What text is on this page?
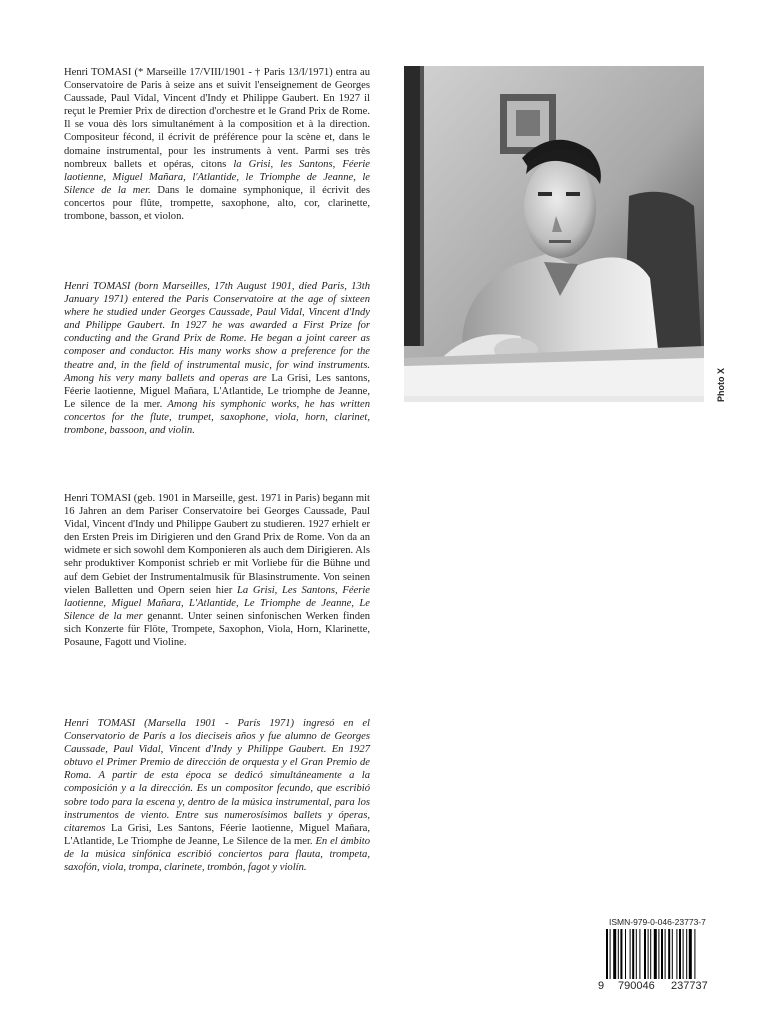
Henri TOMASI (* Marseille 17/VIII/1901 - † Paris 13/I/1971) entra au Conservatoire de Paris à seize ans et suivit l'enseignement de Georges Caussade, Paul Vidal, Vincent d'Indy et Philippe Gaubert. En 1927 il reçut le Premier Prix de direction d'orchestre et le Grand Prix de Rome. Il se voua dès lors simultanément à la composition et à la direction. Compositeur fécond, il écrivit de préférence pour la scène et, dans le domaine instrumental, pour les instruments à vent. Parmi ses très nombreux ballets et opéras, citons la Grisi, les Santons, Féerie laotienne, Miguel Mañara, l'Atlantide, le Triomphe de Jeanne, le Silence de la mer. Dans le domaine symphonique, il écrivit des concertos pour flûte, trompette, saxophone, alto, cor, clarinette, trombone, basson, et violon.

Henri TOMASI (born Marseilles, 17th August 1901, died Paris, 13th January 1971) entered the Paris Conservatoire at the age of sixteen where he studied under Georges Caussade, Paul Vidal, Vincent d'Indy and Philippe Gaubert. In 1927 he was awarded a First Prize for conducting and the Grand Prix de Rome. He began a joint career as composer and conductor. His many works show a preference for the theatre and, in the field of instrumental music, for wind instruments. Among his very many ballets and operas are La Grisi, Les santons, Féerie laotienne, Miguel Mañara, L'Atlantide, Le triomphe de Jeanne, Le silence de la mer. Among his symphonic works, he has written concertos for the flute, trumpet, saxophone, viola, horn, clarinet, trombone, bassoon, and violin.

Henri TOMASI (geb. 1901 in Marseille, gest. 1971 in Paris) begann mit 16 Jahren an dem Pariser Conservatoire bei Georges Caussade, Paul Vidal, Vincent d'Indy und Philippe Gaubert zu studieren. 1927 erhielt er den Ersten Preis im Dirigieren und den Grand Prix de Rome. Von da an widmete er sich sowohl dem Komponieren als auch dem Dirigieren. Als sehr produktiver Komponist schrieb er mit Vorliebe für die Bühne und auf dem Gebiet der Instrumentalmusik für Blasinstrumente. Von seinen vielen Balletten und Opern seien hier La Grisi, Les Santons, Féerie laotienne, Miguel Mañara, L'Atlantide, Le Triomphe de Jeanne, Le Silence de la mer genannt. Unter seinen sinfonischen Werken finden sich Konzerte für Flöte, Trompete, Saxophon, Viola, Horn, Klarinette, Posaune, Fagott und Violine.

Henri TOMASI (Marsella 1901 - París 1971) ingresó en el Conservatorio de París a los dieciseis años y fue alumno de Georges Caussade, Paul Vidal, Vincent d'Indy y Philippe Gaubert. En 1927 obtuvo el Primer Premio de dirección de orquesta y el Gran Premio de Roma. A partir de esta época se dedicó simultáneamente a la composición y a la dirección. Es un compositor fecundo, que escribió sobre todo para la escena y, dentro de la música instrumental, para los instrumentos de viento. Entre sus numerosísimos ballets y óperas, citaremos La Grisi, Les Santons, Féerie laotienne, Miguel Mañara, L'Atlantide, Le Triomphe de Jeanne, Le Silence de la mer. En el ámbito de la música sinfónica escribió conciertos para flauta, trompeta, saxofón, viola, trompa, clarinete, trombón, fagot y violín.

Photo X
ISMN-979-0-046-23773-7
9 790046 237737
